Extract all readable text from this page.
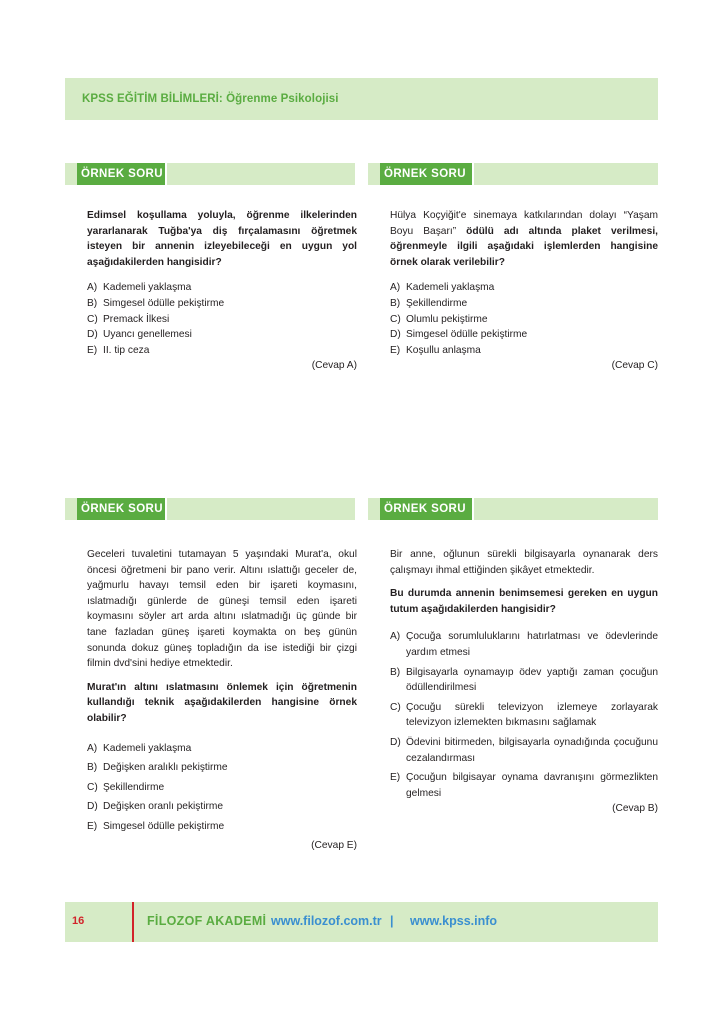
KPSS EĞİTİM BİLİMLERİ: Öğrenme Psikolojisi
ÖRNEK SORU	ÖRNEK SORU

Edimsel koşullama yoluyla, öğrenme ilkelerinden yararlanarak Tuğba'ya diş fırçalamasını öğretmek isteyen bir annenin izleyebileceği en uygun yol aşağıdakilerden hangisidir?

A) Kademeli yaklaşma
B) Simgesel ödülle pekiştirme
C) Premack İlkesi
D) Uyancı genellemesi
E) II. tip ceza
(Cevap A)

Hülya Koçyiğit'e sinemaya katkılarından dolayı “Yaşam Boyu Başarı” ödülü adı altında plaket verilmesi, öğrenmeyle ilgili aşağıdaki işlemlerden hangisine örnek olarak verilebilir?

A) Kademeli yaklaşma
B) Şekillendirme
C) Olumlu pekiştirme
D) Simgesel ödülle pekiştirme
E) Koşullu anlaşma
(Cevap C)
ÖRNEK SORU	ÖRNEK SORU

Geceleri tuvaletini tutamayan 5 yaşındaki Murat'a, okul öncesi öğretmeni bir pano verir. Altını ıslattığı geceler de, yağmurlu havayı temsil eden bir işareti koymasını, ıslatmadığı günlerde de güneşi temsil eden işareti koymasını söyler art arda altını ıslatmadığı üç günde bir tane fazladan güneş işareti koymakta on beş günün sonunda dokuz güneş topladığın da ise istediği bir çizgi filmin dvd'sini hediye etmektedir.

Murat'ın altını ıslatmasını önlemek için öğretmenin kullandığı teknik aşağıdakilerden hangisine örnek olabilir?

A) Kademeli yaklaşma
B) Değişken aralıklı pekiştirme
C) Şekillendirme
D) Değişken oranlı pekiştirme
E) Simgesel ödülle pekiştirme
(Cevap E)

Bir anne, oğlunun sürekli bilgisayarla oynanarak ders çalışmayı ihmal ettiğinden şikâyet etmektedir.

Bu durumda annenin benimsemesi gereken en uygun tutum aşağıdakilerden hangisidir?

A) Çocuğa sorumluluklarını hatırlatması ve ödevlerinde yardım etmesi
B) Bilgisayarla oynamayıp ödev yaptığı zaman çocuğun ödüllendirilmesi
C) Çocuğu sürekli televizyon izlemeye zorlayarak televizyon izlemekten bıkmasını sağlamak
D) Ödevini bitirmeden, bilgisayarla oynadığında çocuğunu cezalandırması
E) Çocuğun bilgisayar oynama davranışını görmezlikten gelmesi
(Cevap B)
16	FİLOZOF AKADEMİ www.filozof.com.tr | www.kpss.info
